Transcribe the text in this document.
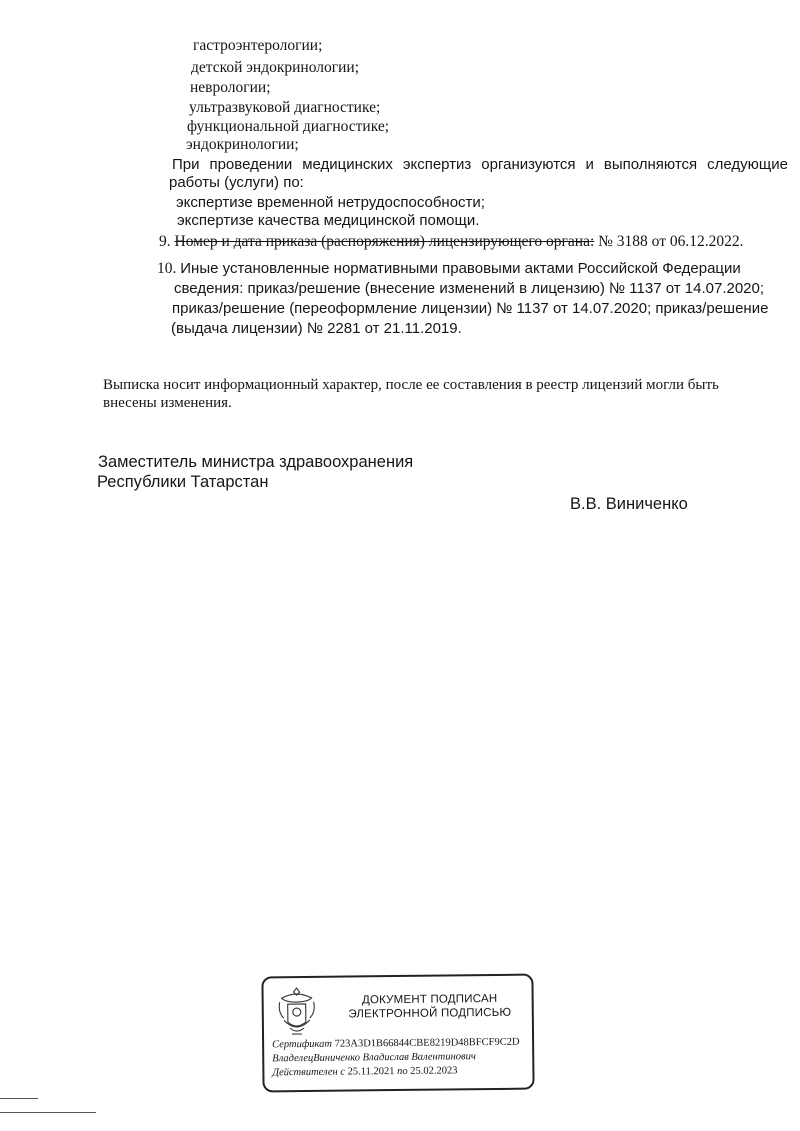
гастроэнтерологии;
детской эндокринологии;
неврологии;
ультразвуковой диагностике;
функциональной диагностике;
эндокринологии;
При проведении медицинских экспертиз организуются и выполняются следующие
работы (услуги) по:
экспертизе временной нетрудоспособности;
экспертизе качества медицинской помощи.
9. Номер и дата приказа (распоряжения) лицензирующего органа: № 3188 от 06.12.2022.
10. Иные установленные нормативными правовыми актами Российской Федерации
сведения: приказ/решение (внесение изменений в лицензию) № 1137 от 14.07.2020;
приказ/решение (переоформление лицензии) № 1137 от 14.07.2020; приказ/решение
(выдача лицензии) № 2281 от 21.11.2019.
Выписка носит информационный характер, после ее составления в реестр лицензий могли быть
внесены изменения.
Заместитель министра здравоохранения
Республики Татарстан
В.В. Виниченко
ДОКУМЕНТ ПОДПИСАН
ЭЛЕКТРОННОЙ ПОДПИСЬЮ
Сертификат 723A3D1B66844CBE8219D48BFCF9C2D
ВладелецВиниченко Владислав Валентинович
Действителен с 25.11.2021 по 25.02.2023
